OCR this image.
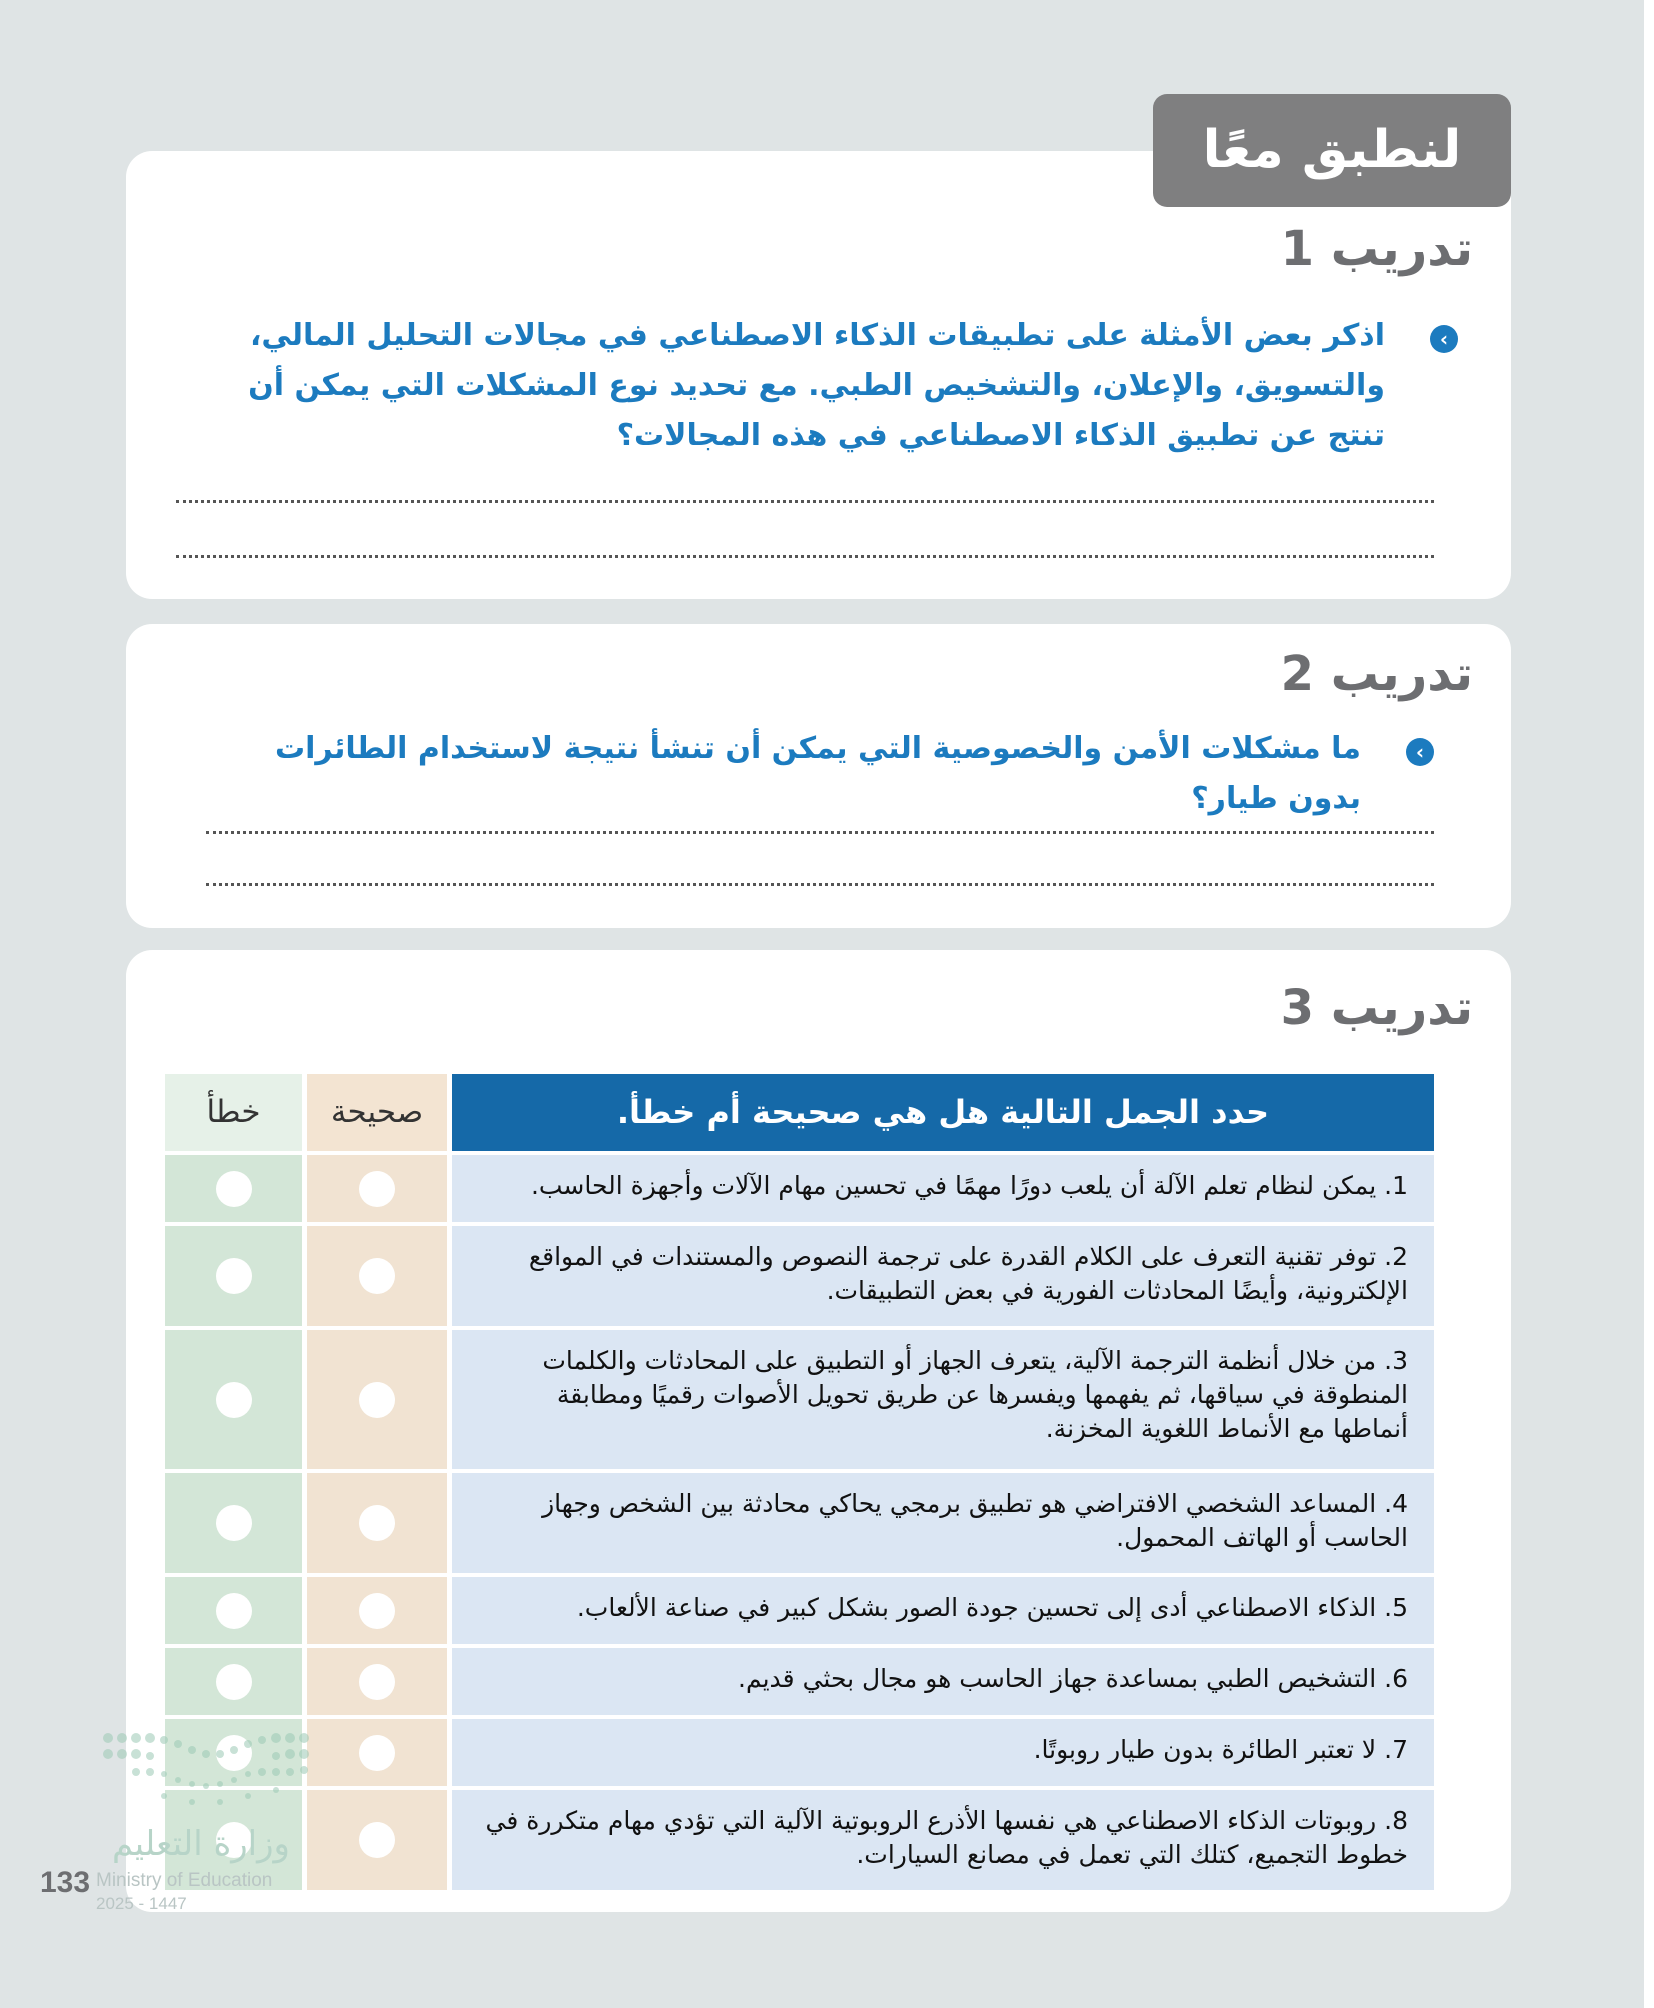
تدريب 1
‹
اذكر بعض الأمثلة على تطبيقات الذكاء الاصطناعي في مجالات التحليل المالي، والتسويق، والإعلان، والتشخيص الطبي. مع تحديد نوع المشكلات التي يمكن أن تنتج عن تطبيق الذكاء الاصطناعي في هذه المجالات؟
لنطبق معًا
تدريب 2
‹
ما مشكلات الأمن والخصوصية التي يمكن أن تنشأ نتيجة لاستخدام الطائرات بدون طيار؟
تدريب 3
حدد الجمل التالية هل هي صحيحة أم خطأ.
صحيحة
خطأ
1. يمكن لنظام تعلم الآلة أن يلعب دورًا مهمًا في تحسين مهام الآلات وأجهزة الحاسب.
2. توفر تقنية التعرف على الكلام القدرة على ترجمة النصوص والمستندات في المواقع الإلكترونية، وأيضًا المحادثات الفورية في بعض التطبيقات.
3. من خلال أنظمة الترجمة الآلية، يتعرف الجهاز أو التطبيق على المحادثات والكلمات المنطوقة في سياقها، ثم يفهمها ويفسرها عن طريق تحويل الأصوات رقميًا ومطابقة أنماطها مع الأنماط اللغوية المخزنة.
4. المساعد الشخصي الافتراضي هو تطبيق برمجي يحاكي محادثة بين الشخص وجهاز الحاسب أو الهاتف المحمول.
5. الذكاء الاصطناعي أدى إلى تحسين جودة الصور بشكل كبير في صناعة الألعاب.
6. التشخيص الطبي بمساعدة جهاز الحاسب هو مجال بحثي قديم.
7. لا تعتبر الطائرة بدون طيار روبوتًا.
8. روبوتات الذكاء الاصطناعي هي نفسها الأذرع الروبوتية الآلية التي تؤدي مهام متكررة في خطوط التجميع، كتلك التي تعمل في مصانع السيارات.
وزارة التعليم
Ministry of Education
2025 - 1447
133
